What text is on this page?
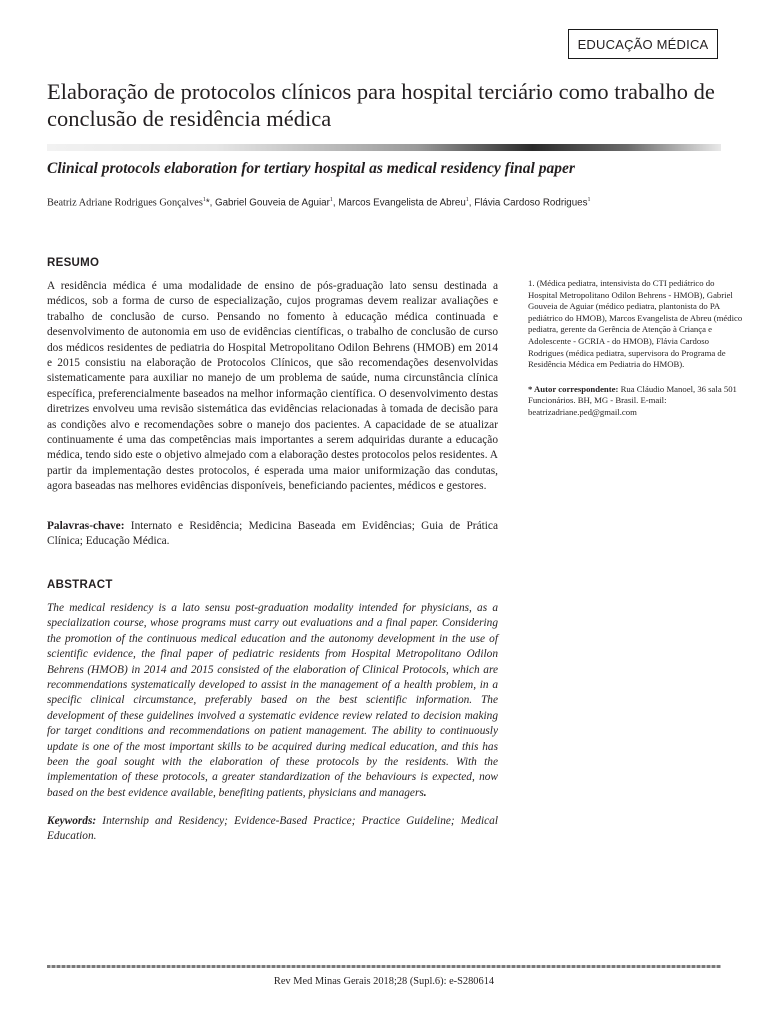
EDUCAÇÃO MÉDICA
Elaboração de protocolos clínicos para hospital terciário como trabalho de conclusão de residência médica
Clinical protocols elaboration for tertiary hospital as medical residency final paper
Beatriz Adriane Rodrigues Gonçalves$^1$*, Gabriel Gouveia de Aguiar$^1$, Marcos Evangelista de Abreu$^1$, Flávia Cardoso Rodrigues$^1$
RESUMO

A residência médica é uma modalidade de ensino de pós-graduação lato sensu destinada a médicos, sob a forma de curso de especialização, cujos programas devem realizar avaliações e trabalho de conclusão de curso. Pensando no fomento à educação médica continuada e desenvolvimento de autonomia em uso de evidências científicas, o trabalho de conclusão de curso dos médicos residentes de pediatria do Hospital Metropolitano Odilon Behrens (HMOB) em 2014 e 2015 consistiu na elaboração de Protocolos Clínicos, que são recomendações desenvolvidas sistematicamente para auxiliar no manejo de um problema de saúde, numa circunstância clínica específica, preferencialmente baseados na melhor informação científica. O desenvolvimento destas diretrizes envolveu uma revisão sistemática das evidências relacionadas à tomada de decisão para as condições alvo e recomendações sobre o manejo dos pacientes. A capacidade de se atualizar continuamente é uma das competências mais importantes a serem adquiridas durante a educação médica, tendo sido este o objetivo almejado com a elaboração destes protocolos pelos residentes. A partir da implementação destes protocolos, é esperada uma maior uniformização das condutas, agora baseadas nas melhores evidências disponíveis, beneficiando pacientes, médicos e gestores.

Palavras-chave: Internato e Residência; Medicina Baseada em Evidências; Guia de Prática Clínica; Educação Médica.

ABSTRACT

The medical residency is a lato sensu post-graduation modality intended for physicians, as a specialization course, whose programs must carry out evaluations and a final paper. Considering the promotion of the continuous medical education and the autonomy development in the use of scientific evidence, the final paper of pediatric residents from Hospital Metropolitano Odilon Behrens (HMOB) in 2014 and 2015 consisted of the elaboration of Clinical Protocols, which are recommendations systematically developed to assist in the management of a health problem, in a specific clinical circumstance, preferably based on the best scientific information. The development of these guidelines involved a systematic evidence review related to decision making for target conditions and recommendations on patient management. The ability to continuously update is one of the most important skills to be acquired during medical education, and this has been the goal sought with the elaboration of these protocols by the residents. With the implementation of these protocols, a greater standardization of the behaviours is expected, now based on the best evidence available, benefiting patients, physicians and managers.

Keywords: Internship and Residency; Evidence-Based Practice; Practice Guideline; Medical Education.

1. (Médica pediatra, intensivista do CTI pediátrico do Hospital Metropolitano Odilon Behrens - HMOB), Gabriel Gouveia de Aguiar (médico pediatra, plantonista do PA pediátrico do HMOB), Marcos Evangelista de Abreu (médico pediatra, gerente da Gerência de Atenção à Criança e Adolescente - GCRIA - do HMOB), Flávia Cardoso Rodrigues (médica pediatra, supervisora do Programa de Residência Médica em Pediatria do HMOB).

* Autor correspondente: Rua Cláudio Manoel, 36 sala 501 Funcionários. BH, MG - Brasil. E-mail: beatrizadriane.ped@gmail.com

Rev Med Minas Gerais 2018;28 (Supl.6): e-S280614
